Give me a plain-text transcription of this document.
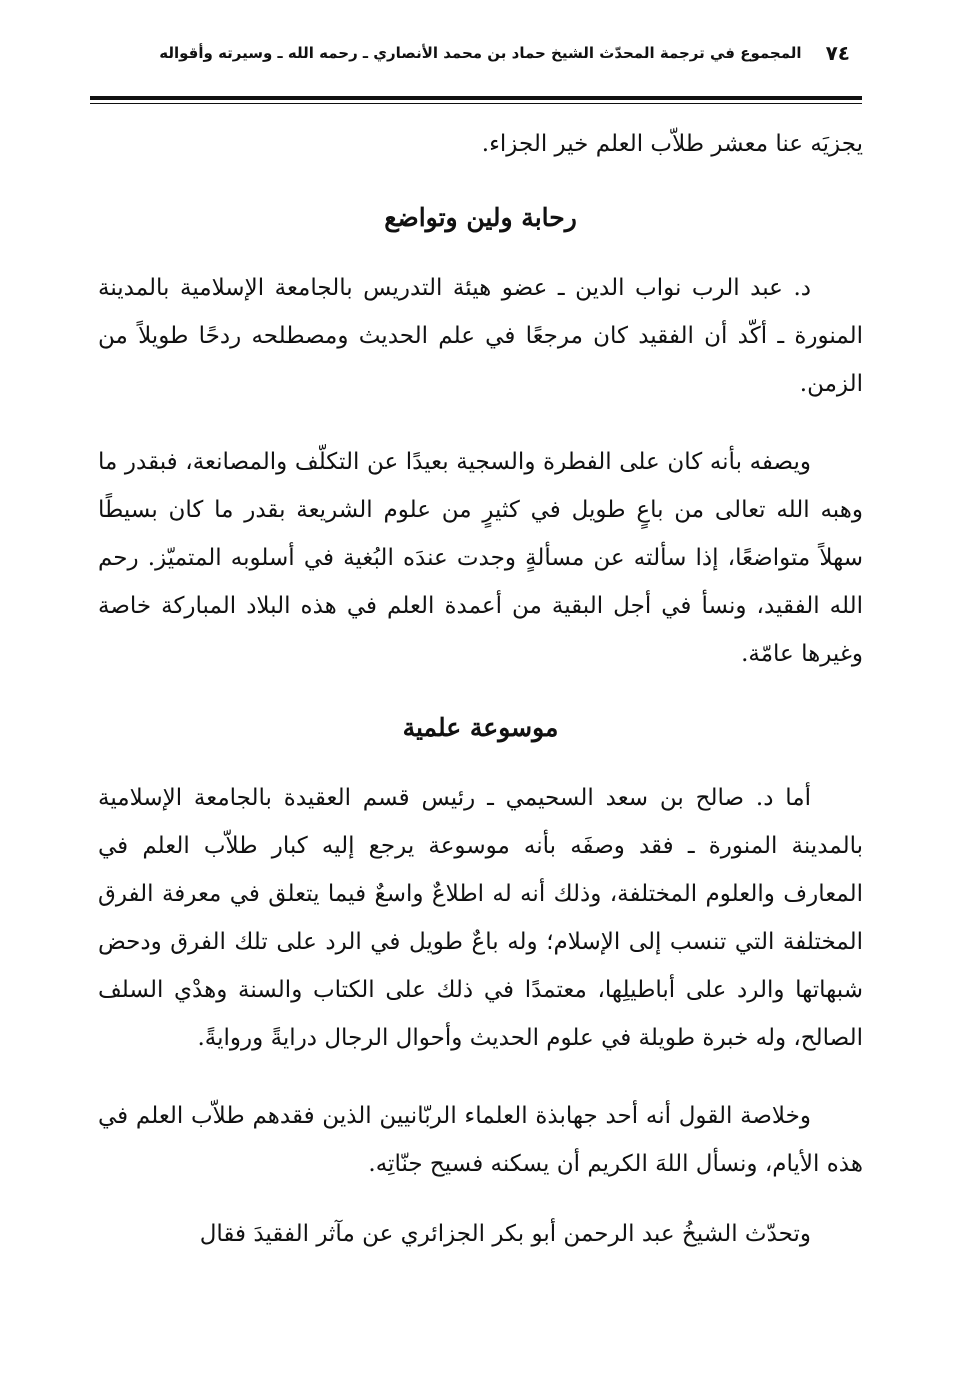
٧٤
المجموع في ترجمة المحدّث الشيخ حماد بن محمد الأنصاري ـ رحمه الله ـ وسيرته وأقواله

يجزيَه عنا معشر طلاّب العلم خير الجزاء.

رحابة ولين وتواضع

د. عبد الرب نواب الدين ـ عضو هيئة التدريس بالجامعة الإسلامية بالمدينة المنورة ـ أكّد أن الفقيد كان مرجعًا في علم الحديث ومصطلحه ردحًا طويلاً من الزمن.

ويصفه بأنه كان على الفطرة والسجية بعيدًا عن التكلّف والمصانعة، فبقدر ما وهبه الله تعالى من باعٍ طويل في كثيرٍ من علوم الشريعة بقدر ما كان بسيطًا سهلاً متواضعًا، إذا سألته عن مسألةٍ وجدت عندَه البُغية في أسلوبه المتميّز. رحم الله الفقيد، ونسأ في أجل البقية من أعمدة العلم في هذه البلاد المباركة خاصة وغيرها عامّة.

موسوعة علمية

أما د. صالح بن سعد السحيمي ـ رئيس قسم العقيدة بالجامعة الإسلامية بالمدينة المنورة ـ فقد وصفَه بأنه موسوعة يرجع إليه كبار طلاّب العلم في المعارف والعلوم المختلفة، وذلك أنه له اطلاعٌ واسعٌ فيما يتعلق في معرفة الفرق المختلفة التي تنسب إلى الإسلام؛ وله باعٌ طويل في الرد على تلك الفرق ودحض شبهاتها والرد على أباطيلِها، معتمدًا في ذلك على الكتاب والسنة وهدْي السلف الصالح، وله خبرة طويلة في علوم الحديث وأحوال الرجال درايةً وروايةً.

وخلاصة القول أنه أحد جهابذة العلماء الربّانيين الذين فقدهم طلاّب العلم في هذه الأيام، ونسأل اللهَ الكريم أن يسكنه فسيح جنّاتِه.

وتحدّث الشيخُ عبد الرحمن أبو بكر الجزائري عن مآثر الفقيدَ فقال
